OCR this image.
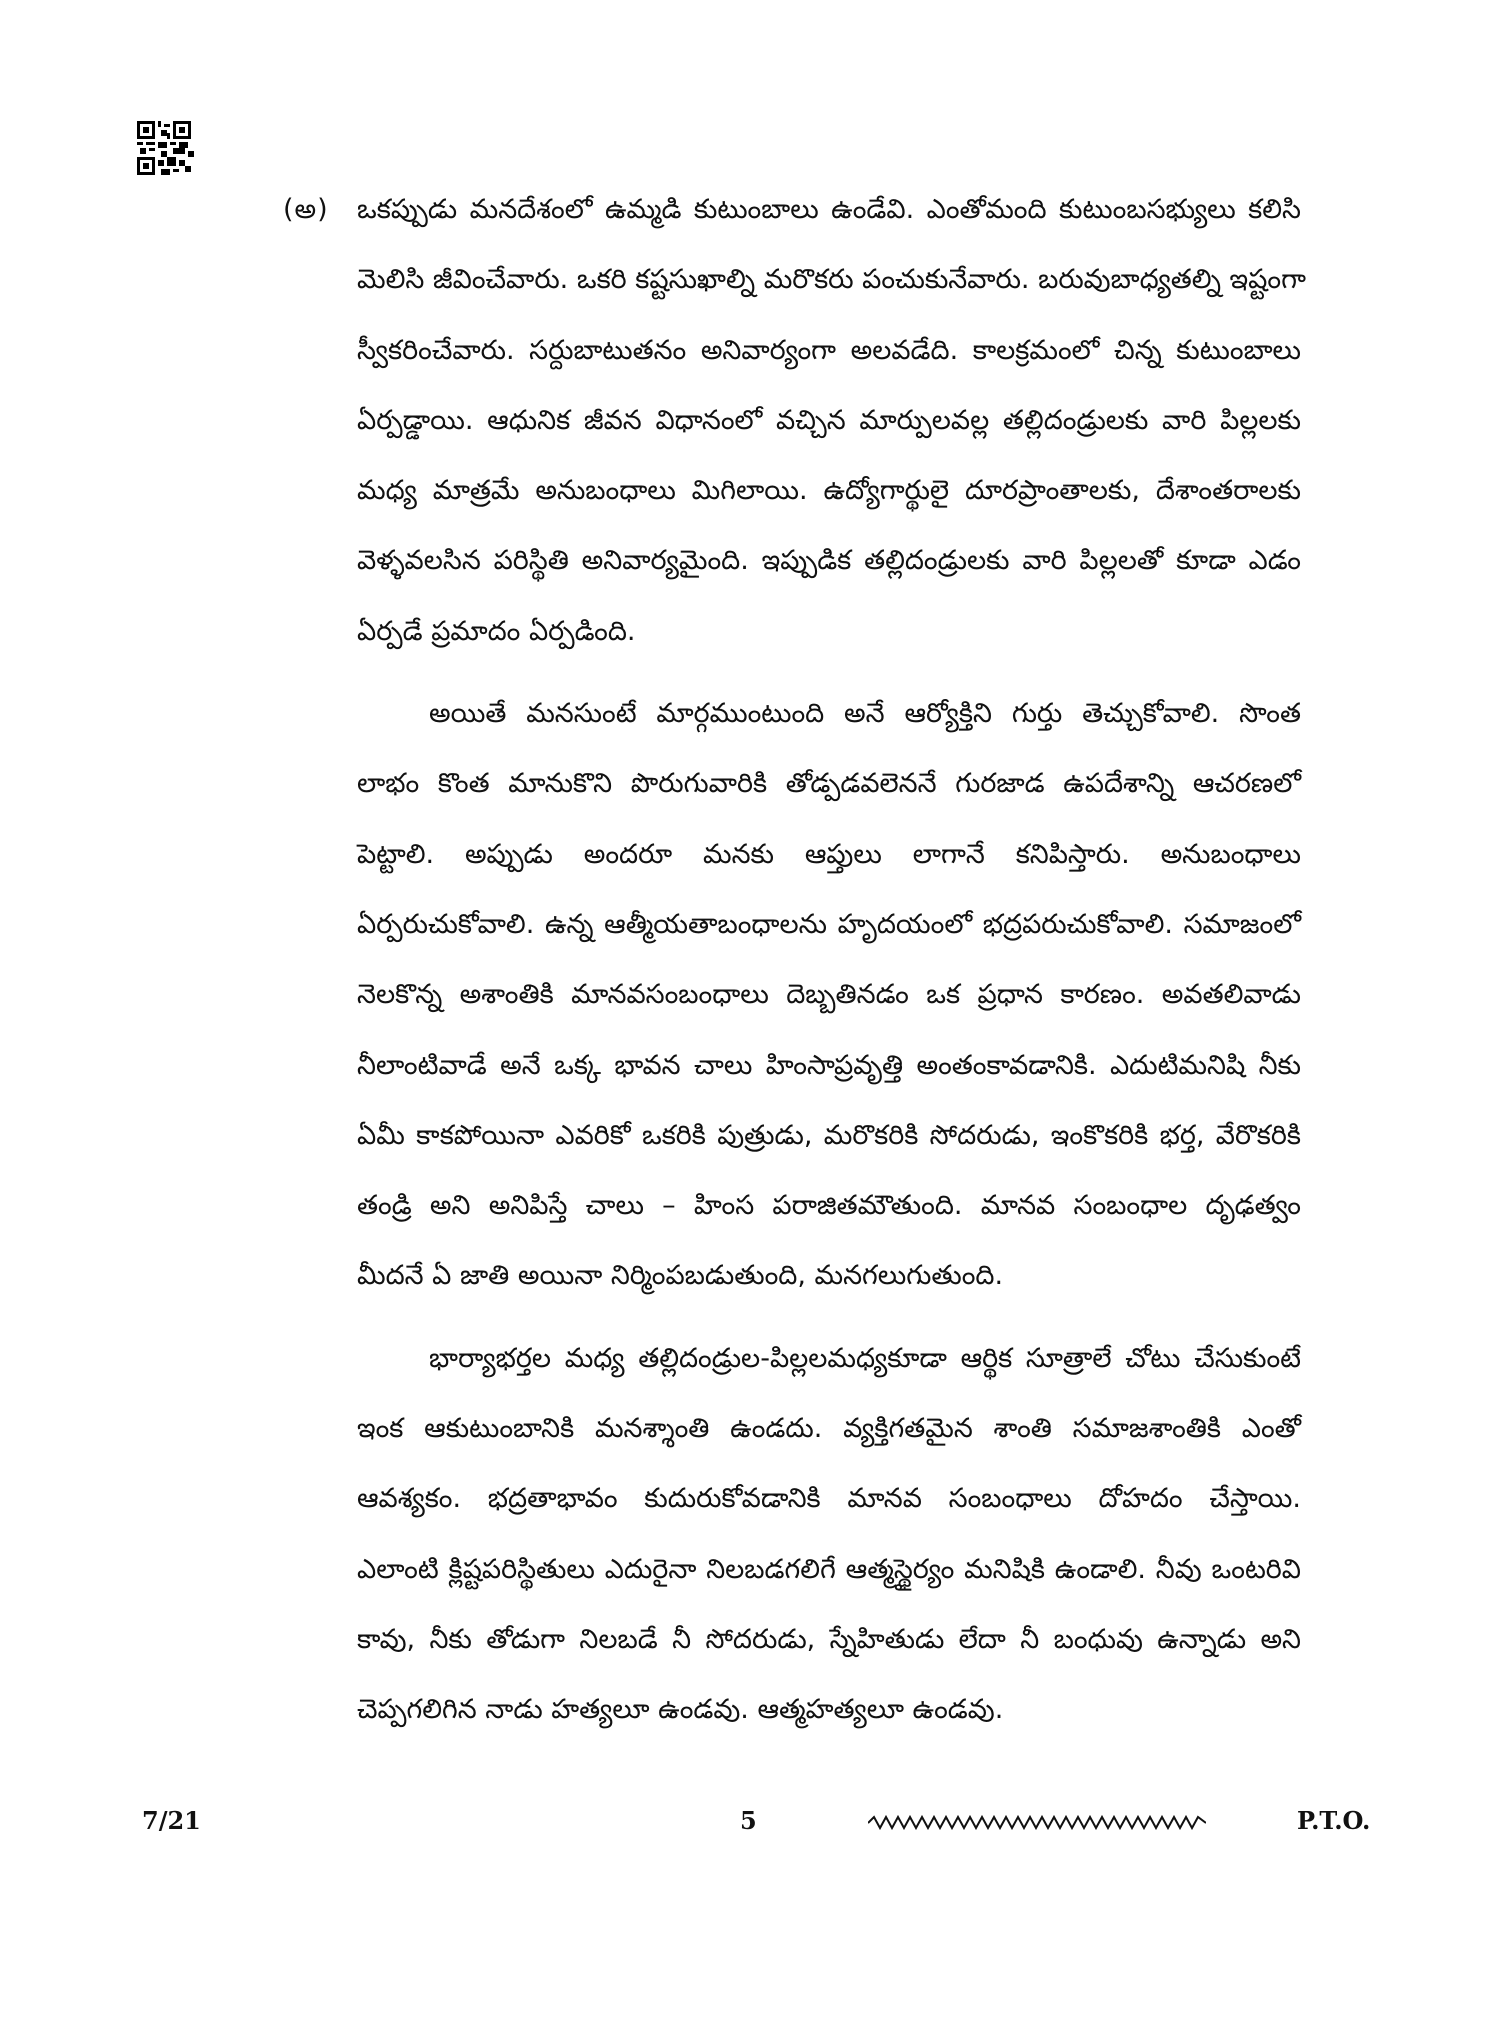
(అ) ఒకప్పుడు మనదేశంలో ఉమ్మడి కుటుంబాలు ఉండేవి. ఎంతోమంది కుటుంబసభ్యులు కలిసి
మెలిసి జీవించేవారు. ఒకరి కష్టసుఖాల్ని మరొకరు పంచుకునేవారు. బరువుబాధ్యతల్ని ఇష్టంగా
స్వీకరించేవారు. సర్దుబాటుతనం అనివార్యంగా అలవడేది. కాలక్రమంలో చిన్న కుటుంబాలు
ఏర్పడ్డాయి. ఆధునిక జీవన విధానంలో వచ్చిన మార్పులవల్ల తల్లిదండ్రులకు వారి పిల్లలకు
మధ్య మాత్రమే అనుబంధాలు మిగిలాయి. ఉద్యోగార్థులై దూరప్రాంతాలకు, దేశాంతరాలకు
వెళ్ళవలసిన పరిస్థితి అనివార్యమైంది. ఇప్పుడిక తల్లిదండ్రులకు వారి పిల్లలతో కూడా ఎడం
ఏర్పడే ప్రమాదం ఏర్పడింది.
అయితే మనసుంటే మార్గముంటుంది అనే ఆర్యోక్తిని గుర్తు తెచ్చుకోవాలి. సొంత
లాభం కొంత మానుకొని పొరుగువారికి తోడ్పడవలెననే గురజాడ ఉపదేశాన్ని ఆచరణలో
పెట్టాలి. అప్పుడు అందరూ మనకు ఆప్తులు లాగానే కనిపిస్తారు. అనుబంధాలు
ఏర్పరుచుకోవాలి. ఉన్న ఆత్మీయతాబంధాలను హృదయంలో భద్రపరుచుకోవాలి. సమాజంలో
నెలకొన్న అశాంతికి మానవసంబంధాలు దెబ్బతినడం ఒక ప్రధాన కారణం. అవతలివాడు
నీలాంటివాడే అనే ఒక్క భావన చాలు హింసాప్రవృత్తి అంతంకావడానికి. ఎదుటిమనిషి నీకు
ఏమీ కాకపోయినా ఎవరికో ఒకరికి పుత్రుడు, మరొకరికి సోదరుడు, ఇంకొకరికి భర్త, వేరొకరికి
తండ్రి అని అనిపిస్తే చాలు – హింస పరాజితమౌతుంది. మానవ సంబంధాల దృఢత్వం
మీదనే ఏ జాతి అయినా నిర్మింపబడుతుంది, మనగలుగుతుంది.
భార్యాభర్తల మధ్య తల్లిదండ్రుల-పిల్లలమధ్యకూడా ఆర్థిక సూత్రాలే చోటు చేసుకుంటే
ఇంక ఆకుటుంబానికి మనశ్శాంతి ఉండదు. వ్యక్తిగతమైన శాంతి సమాజశాంతికి ఎంతో
ఆవశ్యకం. భద్రతాభావం కుదురుకోవడానికి మానవ సంబంధాలు దోహదం చేస్తాయి.
ఎలాంటి క్లిష్టపరిస్థితులు ఎదురైనా నిలబడగలిగే ఆత్మస్థైర్యం మనిషికి ఉండాలి. నీవు ఒంటరివి
కావు, నీకు తోడుగా నిలబడే నీ సోదరుడు, స్నేహితుడు లేదా నీ బంధువు ఉన్నాడు అని
చెప్పగలిగిన నాడు హత్యలూ ఉండవు. ఆత్మహత్యలూ ఉండవు.
7/21	5	P.T.O.
